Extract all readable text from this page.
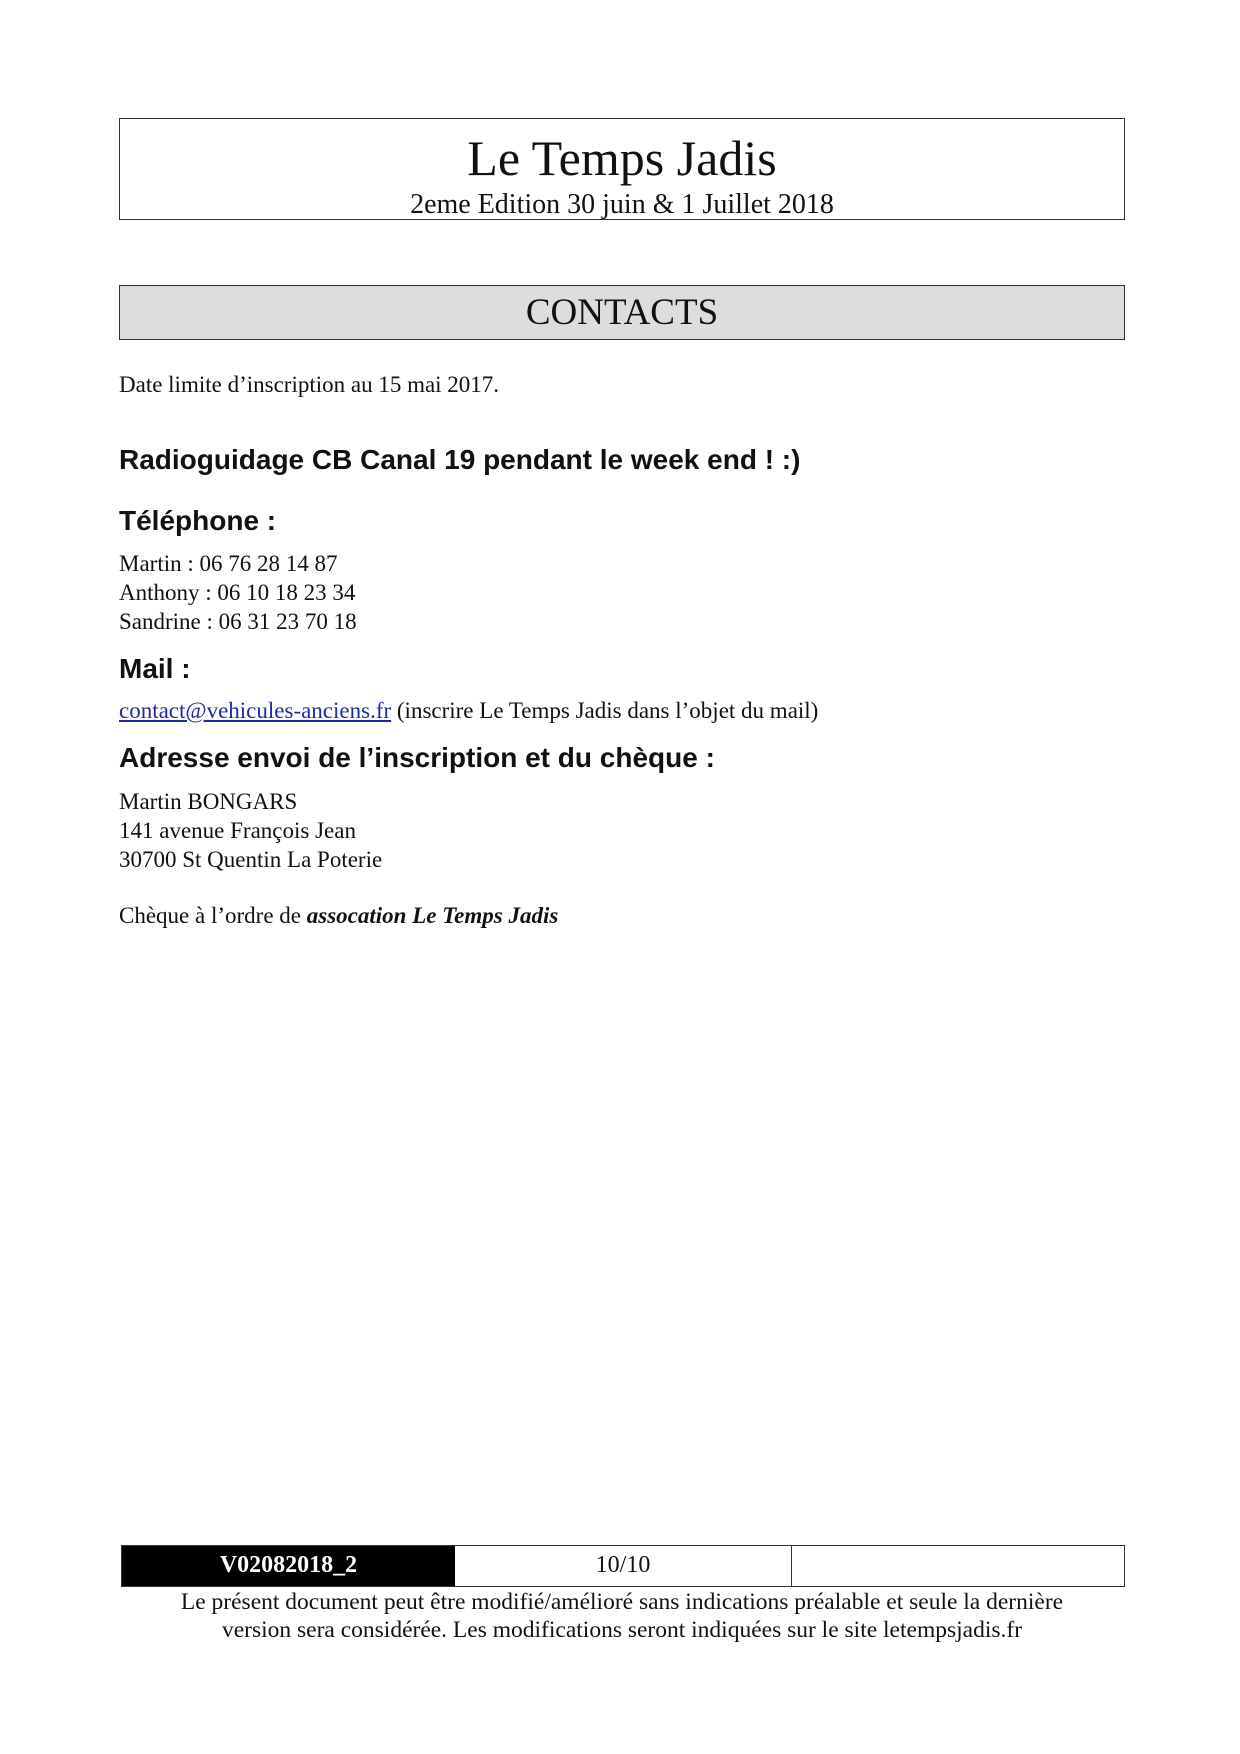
Le Temps Jadis
2eme Edition 30 juin & 1 Juillet 2018
CONTACTS
Date limite d’inscription au 15 mai 2017.
Radioguidage CB Canal 19 pendant le week end ! :)
Téléphone :
Martin : 06 76 28 14 87
Anthony : 06 10 18 23 34
Sandrine : 06 31 23 70 18
Mail :
contact@vehicules-anciens.fr (inscrire Le Temps Jadis dans l’objet du mail)
Adresse envoi de l’inscription et du chèque :
Martin BONGARS
141 avenue François Jean
30700 St Quentin La Poterie
Chèque à l’ordre de assocation Le Temps Jadis
V02082018_2	10/10
Le présent document peut être modifié/amélioré sans indications préalable et seule la dernière
version sera considérée. Les modifications seront indiquées sur le site letempsjadis.fr
